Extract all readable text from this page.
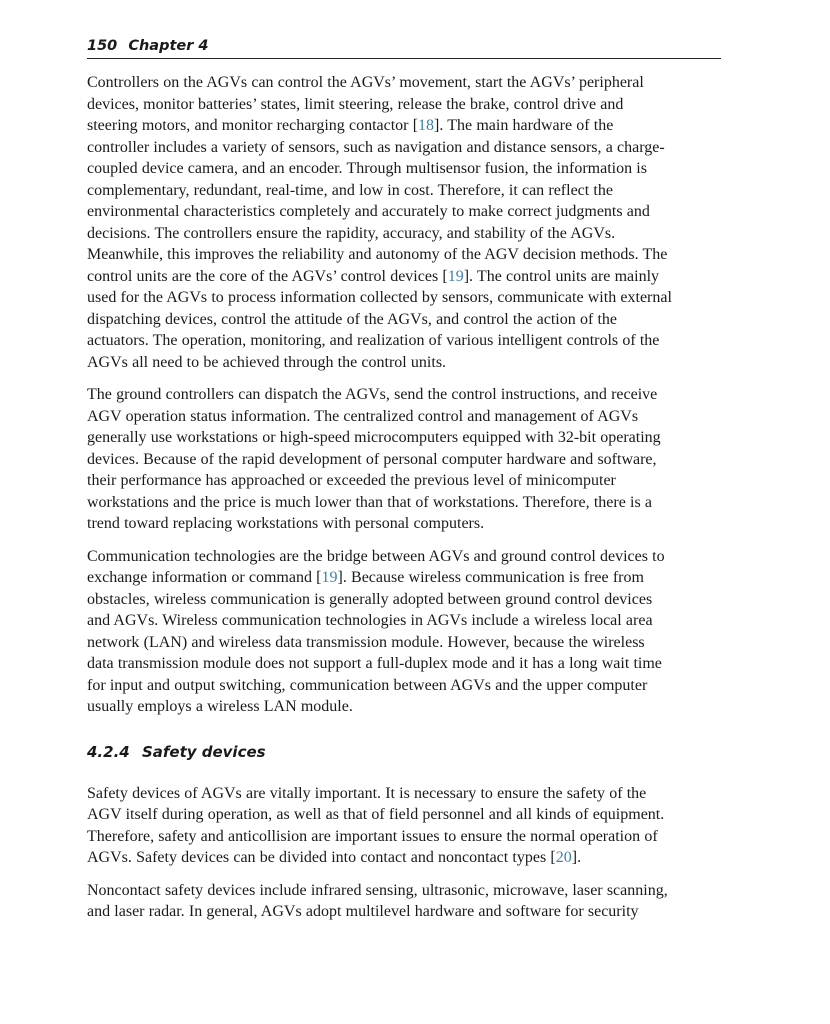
150 Chapter 4

Controllers on the AGVs can control the AGVs’ movement, start the AGVs’ peripheral
devices, monitor batteries’ states, limit steering, release the brake, control drive and
steering motors, and monitor recharging contactor [18]. The main hardware of the
controller includes a variety of sensors, such as navigation and distance sensors, a charge-
coupled device camera, and an encoder. Through multisensor fusion, the information is
complementary, redundant, real-time, and low in cost. Therefore, it can reflect the
environmental characteristics completely and accurately to make correct judgments and
decisions. The controllers ensure the rapidity, accuracy, and stability of the AGVs.
Meanwhile, this improves the reliability and autonomy of the AGV decision methods. The
control units are the core of the AGVs’ control devices [19]. The control units are mainly
used for the AGVs to process information collected by sensors, communicate with external
dispatching devices, control the attitude of the AGVs, and control the action of the
actuators. The operation, monitoring, and realization of various intelligent controls of the
AGVs all need to be achieved through the control units.

The ground controllers can dispatch the AGVs, send the control instructions, and receive
AGV operation status information. The centralized control and management of AGVs
generally use workstations or high-speed microcomputers equipped with 32-bit operating
devices. Because of the rapid development of personal computer hardware and software,
their performance has approached or exceeded the previous level of minicomputer
workstations and the price is much lower than that of workstations. Therefore, there is a
trend toward replacing workstations with personal computers.

Communication technologies are the bridge between AGVs and ground control devices to
exchange information or command [19]. Because wireless communication is free from
obstacles, wireless communication is generally adopted between ground control devices
and AGVs. Wireless communication technologies in AGVs include a wireless local area
network (LAN) and wireless data transmission module. However, because the wireless
data transmission module does not support a full-duplex mode and it has a long wait time
for input and output switching, communication between AGVs and the upper computer
usually employs a wireless LAN module.

4.2.4 Safety devices

Safety devices of AGVs are vitally important. It is necessary to ensure the safety of the
AGV itself during operation, as well as that of field personnel and all kinds of equipment.
Therefore, safety and anticollision are important issues to ensure the normal operation of
AGVs. Safety devices can be divided into contact and noncontact types [20].

Noncontact safety devices include infrared sensing, ultrasonic, microwave, laser scanning,
and laser radar. In general, AGVs adopt multilevel hardware and software for security
